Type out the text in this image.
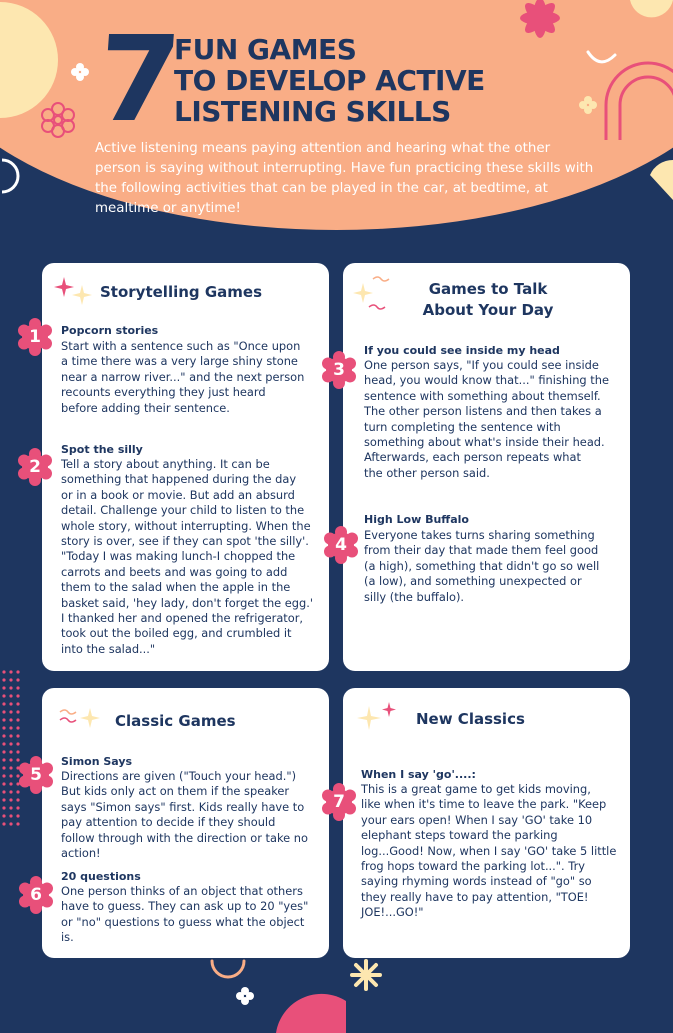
7
FUN GAMES
TO DEVELOP ACTIVE
LISTENING SKILLS
Active listening means paying attention and hearing what the other person is saying without interrupting. Have fun practicing these skills with the following activities that can be played in the car, at bedtime, at mealtime or anytime!
Storytelling Games
Popcorn stories
Start with a sentence such as "Once upon
a time there was a very large shiny stone
near a narrow river..." and the next person
recounts everything they just heard
before adding their sentence.
Spot the silly
Tell a story about anything. It can be
something that happened during the day
or in a book or movie. But add an absurd
detail. Challenge your child to listen to the
whole story, without interrupting. When the
story is over, see if they can spot 'the silly'.
"Today I was making lunch-I chopped the
carrots and beets and was going to add
them to the salad when the apple in the
basket said, 'hey lady, don't forget the egg.'
I thanked her and opened the refrigerator,
took out the boiled egg, and crumbled it
into the salad..."
Games to Talk
About Your Day
If you could see inside my head
One person says, "If you could see inside
head, you would know that..." finishing the
sentence with something about themself.
The other person listens and then takes a
turn completing the sentence with
something about what's inside their head.
Afterwards, each person repeats what
the other person said.
High Low Buffalo
Everyone takes turns sharing something
from their day that made them feel good
(a high), something that didn't go so well
(a low), and something unexpected or
silly (the buffalo).
Classic Games
Simon Says
Directions are given ("Touch your head.")
But kids only act on them if the speaker
says "Simon says" first. Kids really have to
pay attention to decide if they should
follow through with the direction or take no
action!
20 questions
One person thinks of an object that others
have to guess. They can ask up to 20 "yes"
or "no" questions to guess what the object
is.
New Classics
When I say 'go'....:
This is a great game to get kids moving,
like when it's time to leave the park. "Keep
your ears open! When I say 'GO' take 10
elephant steps toward the parking
log...Good! Now, when I say 'GO' take 5 little
frog hops toward the parking lot...". Try
saying rhyming words instead of "go" so
they really have to pay attention, "TOE!
JOE!...GO!"
1
2
3
4
5
6
7
